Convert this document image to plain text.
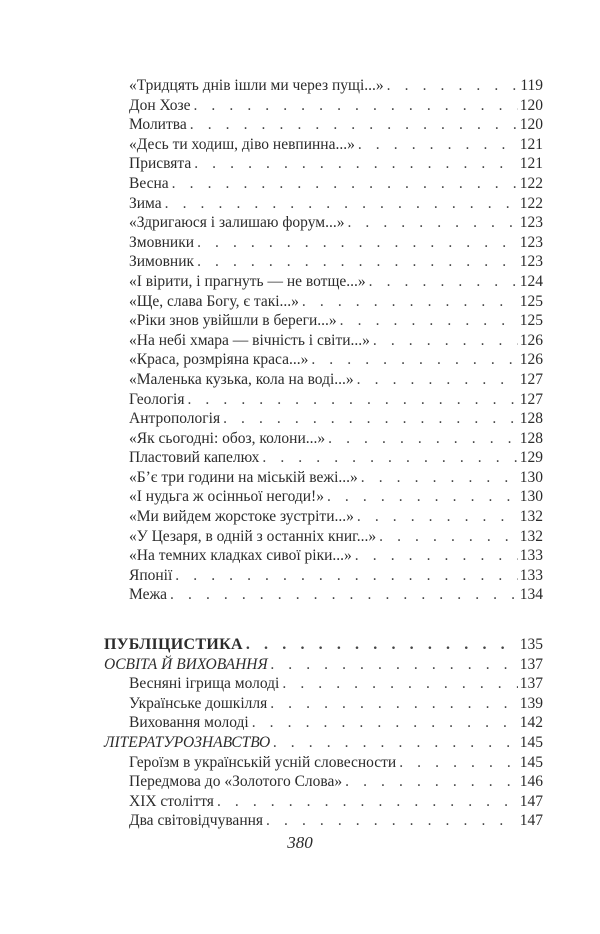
«Тридцять днів ішли ми через пущі...» . . .	119
Дон Хозе . . .	120
Молитва . . .	120
«Десь ти ходиш, діво невпинна...» . . .	121
Присвята . . .	121
Весна . . .	122
Зима . . .	122
«Здригаюся і залишаю форум...» . . .	123
Змовники . . .	123
Зимовник . . .	123
«І вірити, і прагнуть — не вотще...» . . .	124
«Ще, слава Богу, є такі...» . . .	125
«Ріки знов увійшли в береги...» . . .	125
«На небі хмара — вічність і світи...» . . .	126
«Краса, розмріяна краса...» . . .	126
«Маленька кузька, кола на воді...» . . .	127
Геологія . . .	127
Антропологія . . .	128
«Як сьогодні: обоз, колони...» . . .	128
Пластовий капелюх . . .	129
«Б’є три години на міській вежі...» . . .	130
«І нудьга ж осінньої негоди!» . . .	130
«Ми вийдем жорстоке зустріти...» . . .	132
«У Цезаря, в одній з останніх книг...» . . .	132
«На темних кладках сивої ріки...» . . .	133
Японії . . .	133
Межа . . .	134
ПУБЛІЦИСТИКА . . .	135
ОСВІТА Й ВИХОВАННЯ . . .	137
Весняні ігрища молоді . . .	137
Українське дошкілля . . .	139
Виховання молоді . . .	142
ЛІТЕРАТУРОЗНАВСТВО . . .	145
Героїзм в українській усній словесности . . .	145
Передмова до «Золотого Слова» . . .	146
XIX століття . . .	147
Два світовідчування . . .	147
380
